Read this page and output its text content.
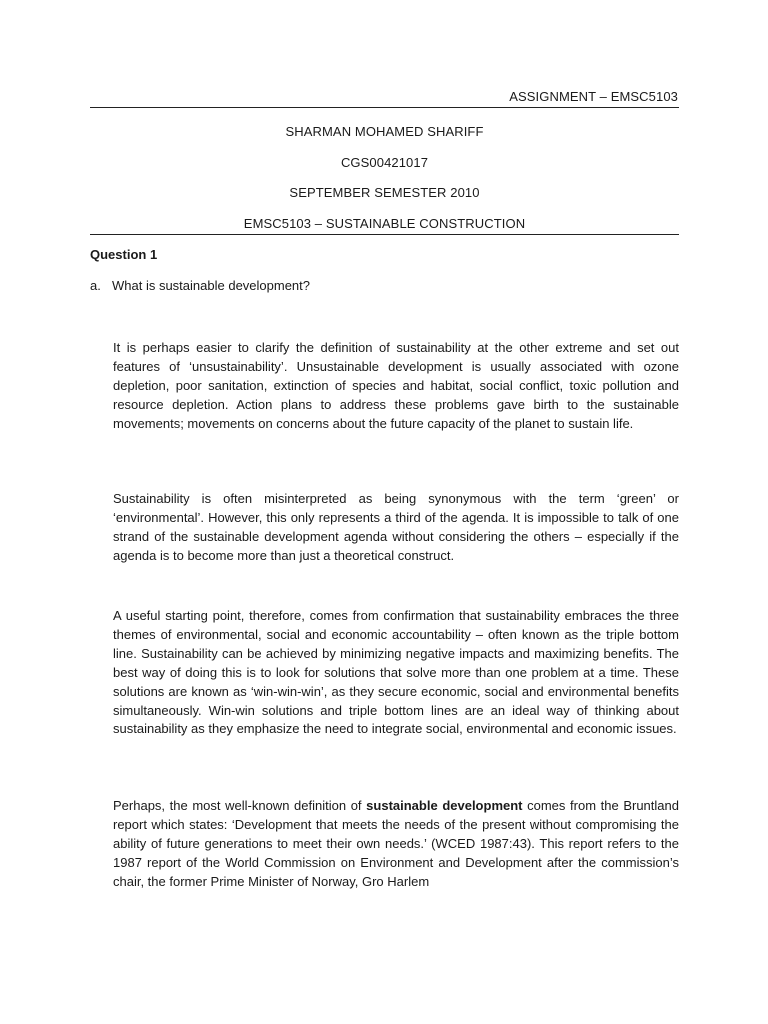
ASSIGNMENT – EMSC5103
SHARMAN MOHAMED SHARIFF
CGS00421017
SEPTEMBER SEMESTER 2010
EMSC5103 – SUSTAINABLE CONSTRUCTION
Question 1
a. What is sustainable development?

It is perhaps easier to clarify the definition of sustainability at the other extreme and set out features of ‘unsustainability’. Unsustainable development is usually associated with ozone depletion, poor sanitation, extinction of species and habitat, social conflict, toxic pollution and resource depletion. Action plans to address these problems gave birth to the sustainable movements; movements on concerns about the future capacity of the planet to sustain life.

Sustainability is often misinterpreted as being synonymous with the term ‘green’ or ‘environmental’. However, this only represents a third of the agenda. It is impossible to talk of one strand of the sustainable development agenda without considering the others – especially if the agenda is to become more than just a theoretical construct.

A useful starting point, therefore, comes from confirmation that sustainability embraces the three themes of environmental, social and economic accountability – often known as the triple bottom line. Sustainability can be achieved by minimizing negative impacts and maximizing benefits. The best way of doing this is to look for solutions that solve more than one problem at a time. These solutions are known as ‘win-win-win’, as they secure economic, social and environmental benefits simultaneously. Win-win solutions and triple bottom lines are an ideal way of thinking about sustainability as they emphasize the need to integrate social, environmental and economic issues.

Perhaps, the most well-known definition of sustainable development comes from the Bruntland report which states: ‘Development that meets the needs of the present without compromising the ability of future generations to meet their own needs.’ (WCED 1987:43). This report refers to the 1987 report of the World Commission on Environment and Development after the commission’s chair, the former Prime Minister of Norway, Gro Harlem
